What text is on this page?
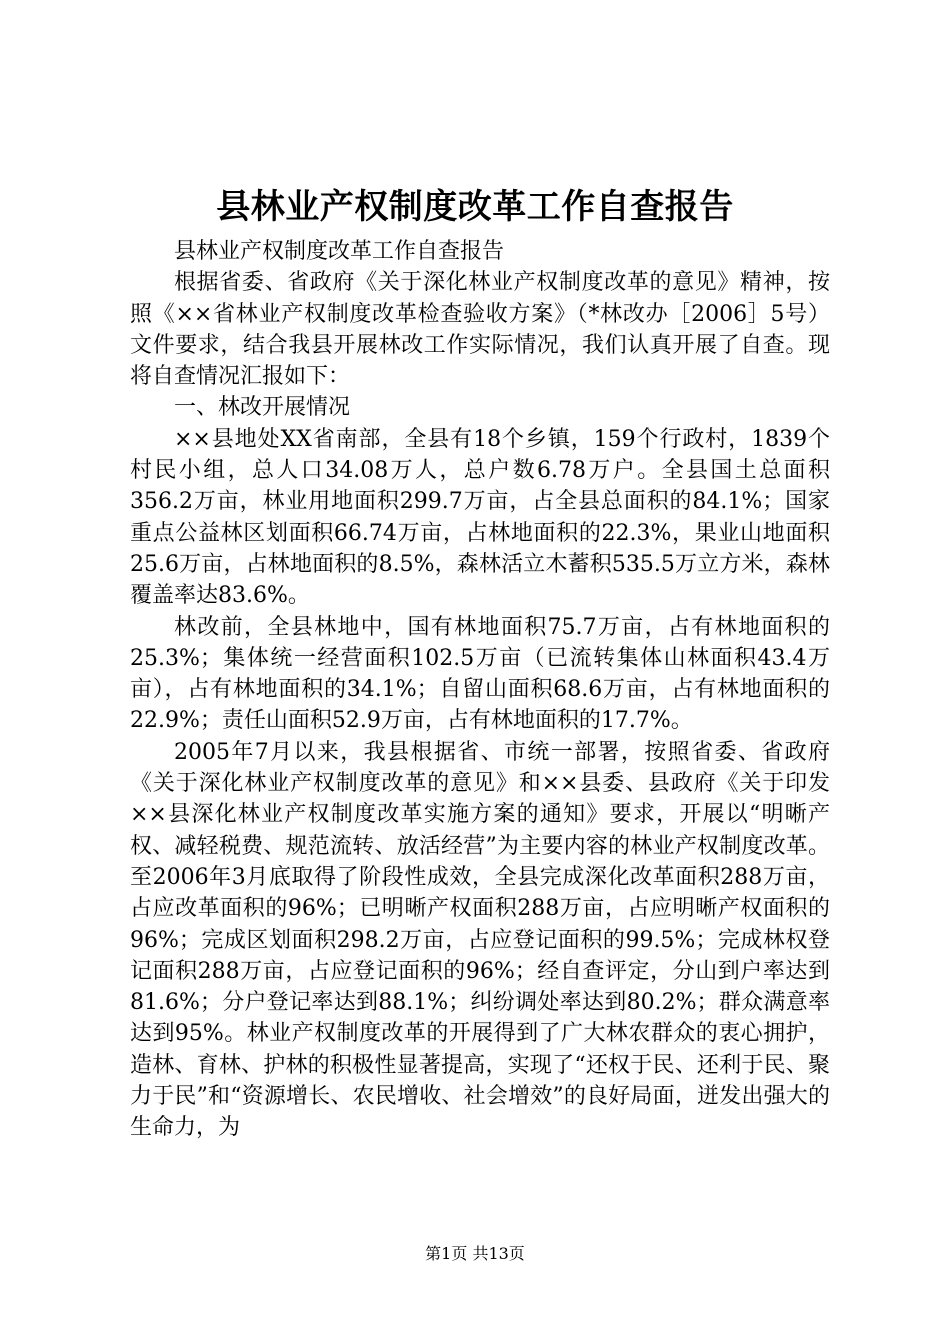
县林业产权制度改革工作自查报告

县林业产权制度改革工作自查报告

根据省委、省政府《关于深化林业产权制度改革的意见》精神，按照《××省林业产权制度改革检查验收方案》（*林改办［2006］5号）文件要求，结合我县开展林改工作实际情况，我们认真开展了自查。现将自查情况汇报如下：

一、林改开展情况

××县地处XX省南部，全县有18个乡镇，159个行政村，1839个村民小组，总人口34.08万人，总户数6.78万户。全县国土总面积356.2万亩，林业用地面积299.7万亩，占全县总面积的84.1%；国家重点公益林区划面积66.74万亩，占林地面积的22.3%，果业山地面积25.6万亩，占林地面积的8.5%，森林活立木蓄积535.5万立方米，森林覆盖率达83.6%。

林改前，全县林地中，国有林地面积75.7万亩，占有林地面积的25.3%；集体统一经营面积102.5万亩（已流转集体山林面积43.4万亩），占有林地面积的34.1%；自留山面积68.6万亩，占有林地面积的22.9%；责任山面积52.9万亩，占有林地面积的17.7%。

2005年7月以来，我县根据省、市统一部署，按照省委、省政府《关于深化林业产权制度改革的意见》和××县委、县政府《关于印发××县深化林业产权制度改革实施方案的通知》要求，开展以“明晰产权、减轻税费、规范流转、放活经营”为主要内容的林业产权制度改革。至2006年3月底取得了阶段性成效，全县完成深化改革面积288万亩，占应改革面积的96%；已明晰产权面积288万亩，占应明晰产权面积的96%；完成区划面积298.2万亩，占应登记面积的99.5%；完成林权登记面积288万亩，占应登记面积的96%；经自查评定，分山到户率达到81.6%；分户登记率达到88.1%；纠纷调处率达到80.2%；群众满意率达到95%。林业产权制度改革的开展得到了广大林农群众的衷心拥护，造林、育林、护林的积极性显著提高，实现了“还权于民、还利于民、聚力于民”和“资源增长、农民增收、社会增效”的良好局面，迸发出强大的生命力，为

第1页 共13页
